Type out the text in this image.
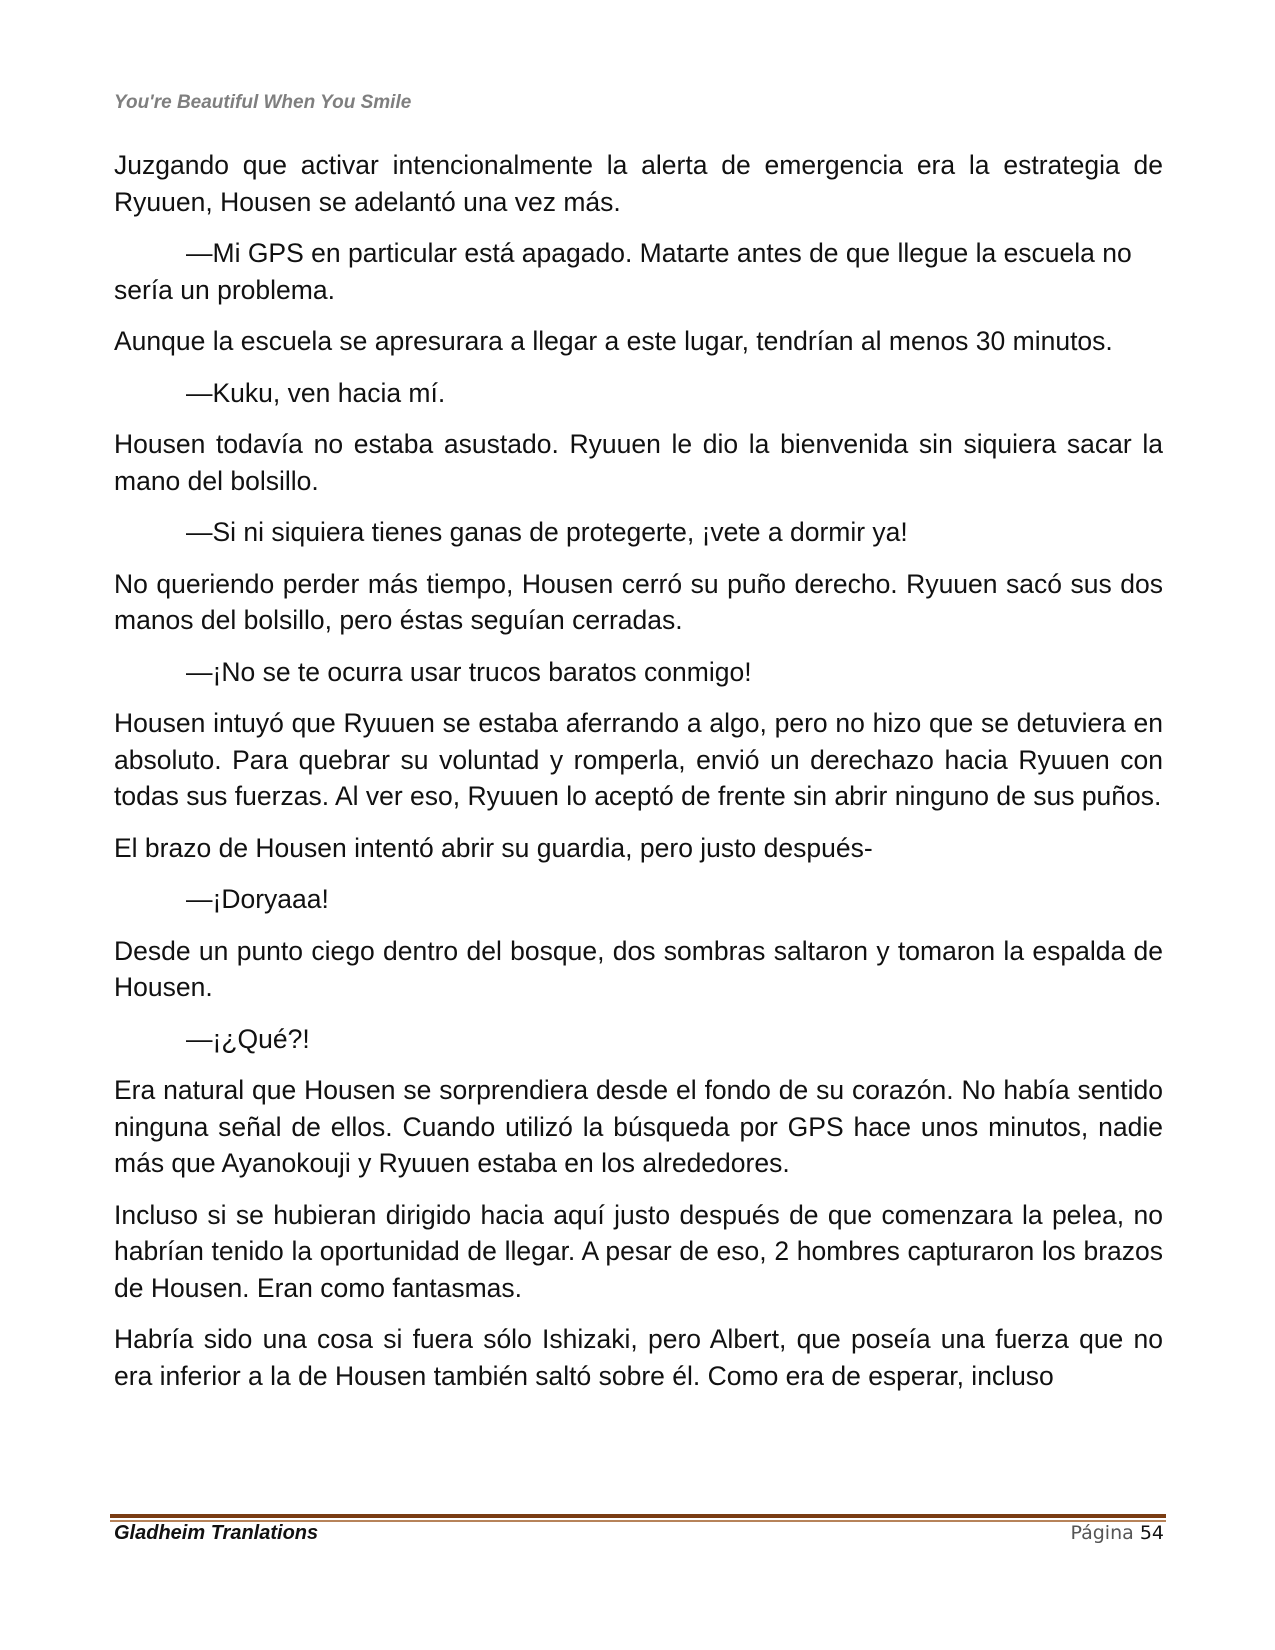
You're Beautiful When You Smile

Juzgando que activar intencionalmente la alerta de emergencia era la estrategia de Ryuuen, Housen se adelantó una vez más.

—Mi GPS en particular está apagado. Matarte antes de que llegue la escuela no sería un problema.

Aunque la escuela se apresurara a llegar a este lugar, tendrían al menos 30 minutos.

—Kuku, ven hacia mí.

Housen todavía no estaba asustado. Ryuuen le dio la bienvenida sin siquiera sacar la mano del bolsillo.

—Si ni siquiera tienes ganas de protegerte, ¡vete a dormir ya!

No queriendo perder más tiempo, Housen cerró su puño derecho. Ryuuen sacó sus dos manos del bolsillo, pero éstas seguían cerradas.

—¡No se te ocurra usar trucos baratos conmigo!

Housen intuyó que Ryuuen se estaba aferrando a algo, pero no hizo que se detuviera en absoluto. Para quebrar su voluntad y romperla, envió un derechazo hacia Ryuuen con todas sus fuerzas. Al ver eso, Ryuuen lo aceptó de frente sin abrir ninguno de sus puños.

El brazo de Housen intentó abrir su guardia, pero justo después-

—¡Doryaaa!

Desde un punto ciego dentro del bosque, dos sombras saltaron y tomaron la espalda de Housen.

—¡¿Qué?!

Era natural que Housen se sorprendiera desde el fondo de su corazón. No había sentido ninguna señal de ellos. Cuando utilizó la búsqueda por GPS hace unos minutos, nadie más que Ayanokouji y Ryuuen estaba en los alrededores.

Incluso si se hubieran dirigido hacia aquí justo después de que comenzara la pelea, no habrían tenido la oportunidad de llegar. A pesar de eso, 2 hombres capturaron los brazos de Housen. Eran como fantasmas.

Habría sido una cosa si fuera sólo Ishizaki, pero Albert, que poseía una fuerza que no era inferior a la de Housen también saltó sobre él. Como era de esperar, incluso

Gladheim Tranlations	Página 54
